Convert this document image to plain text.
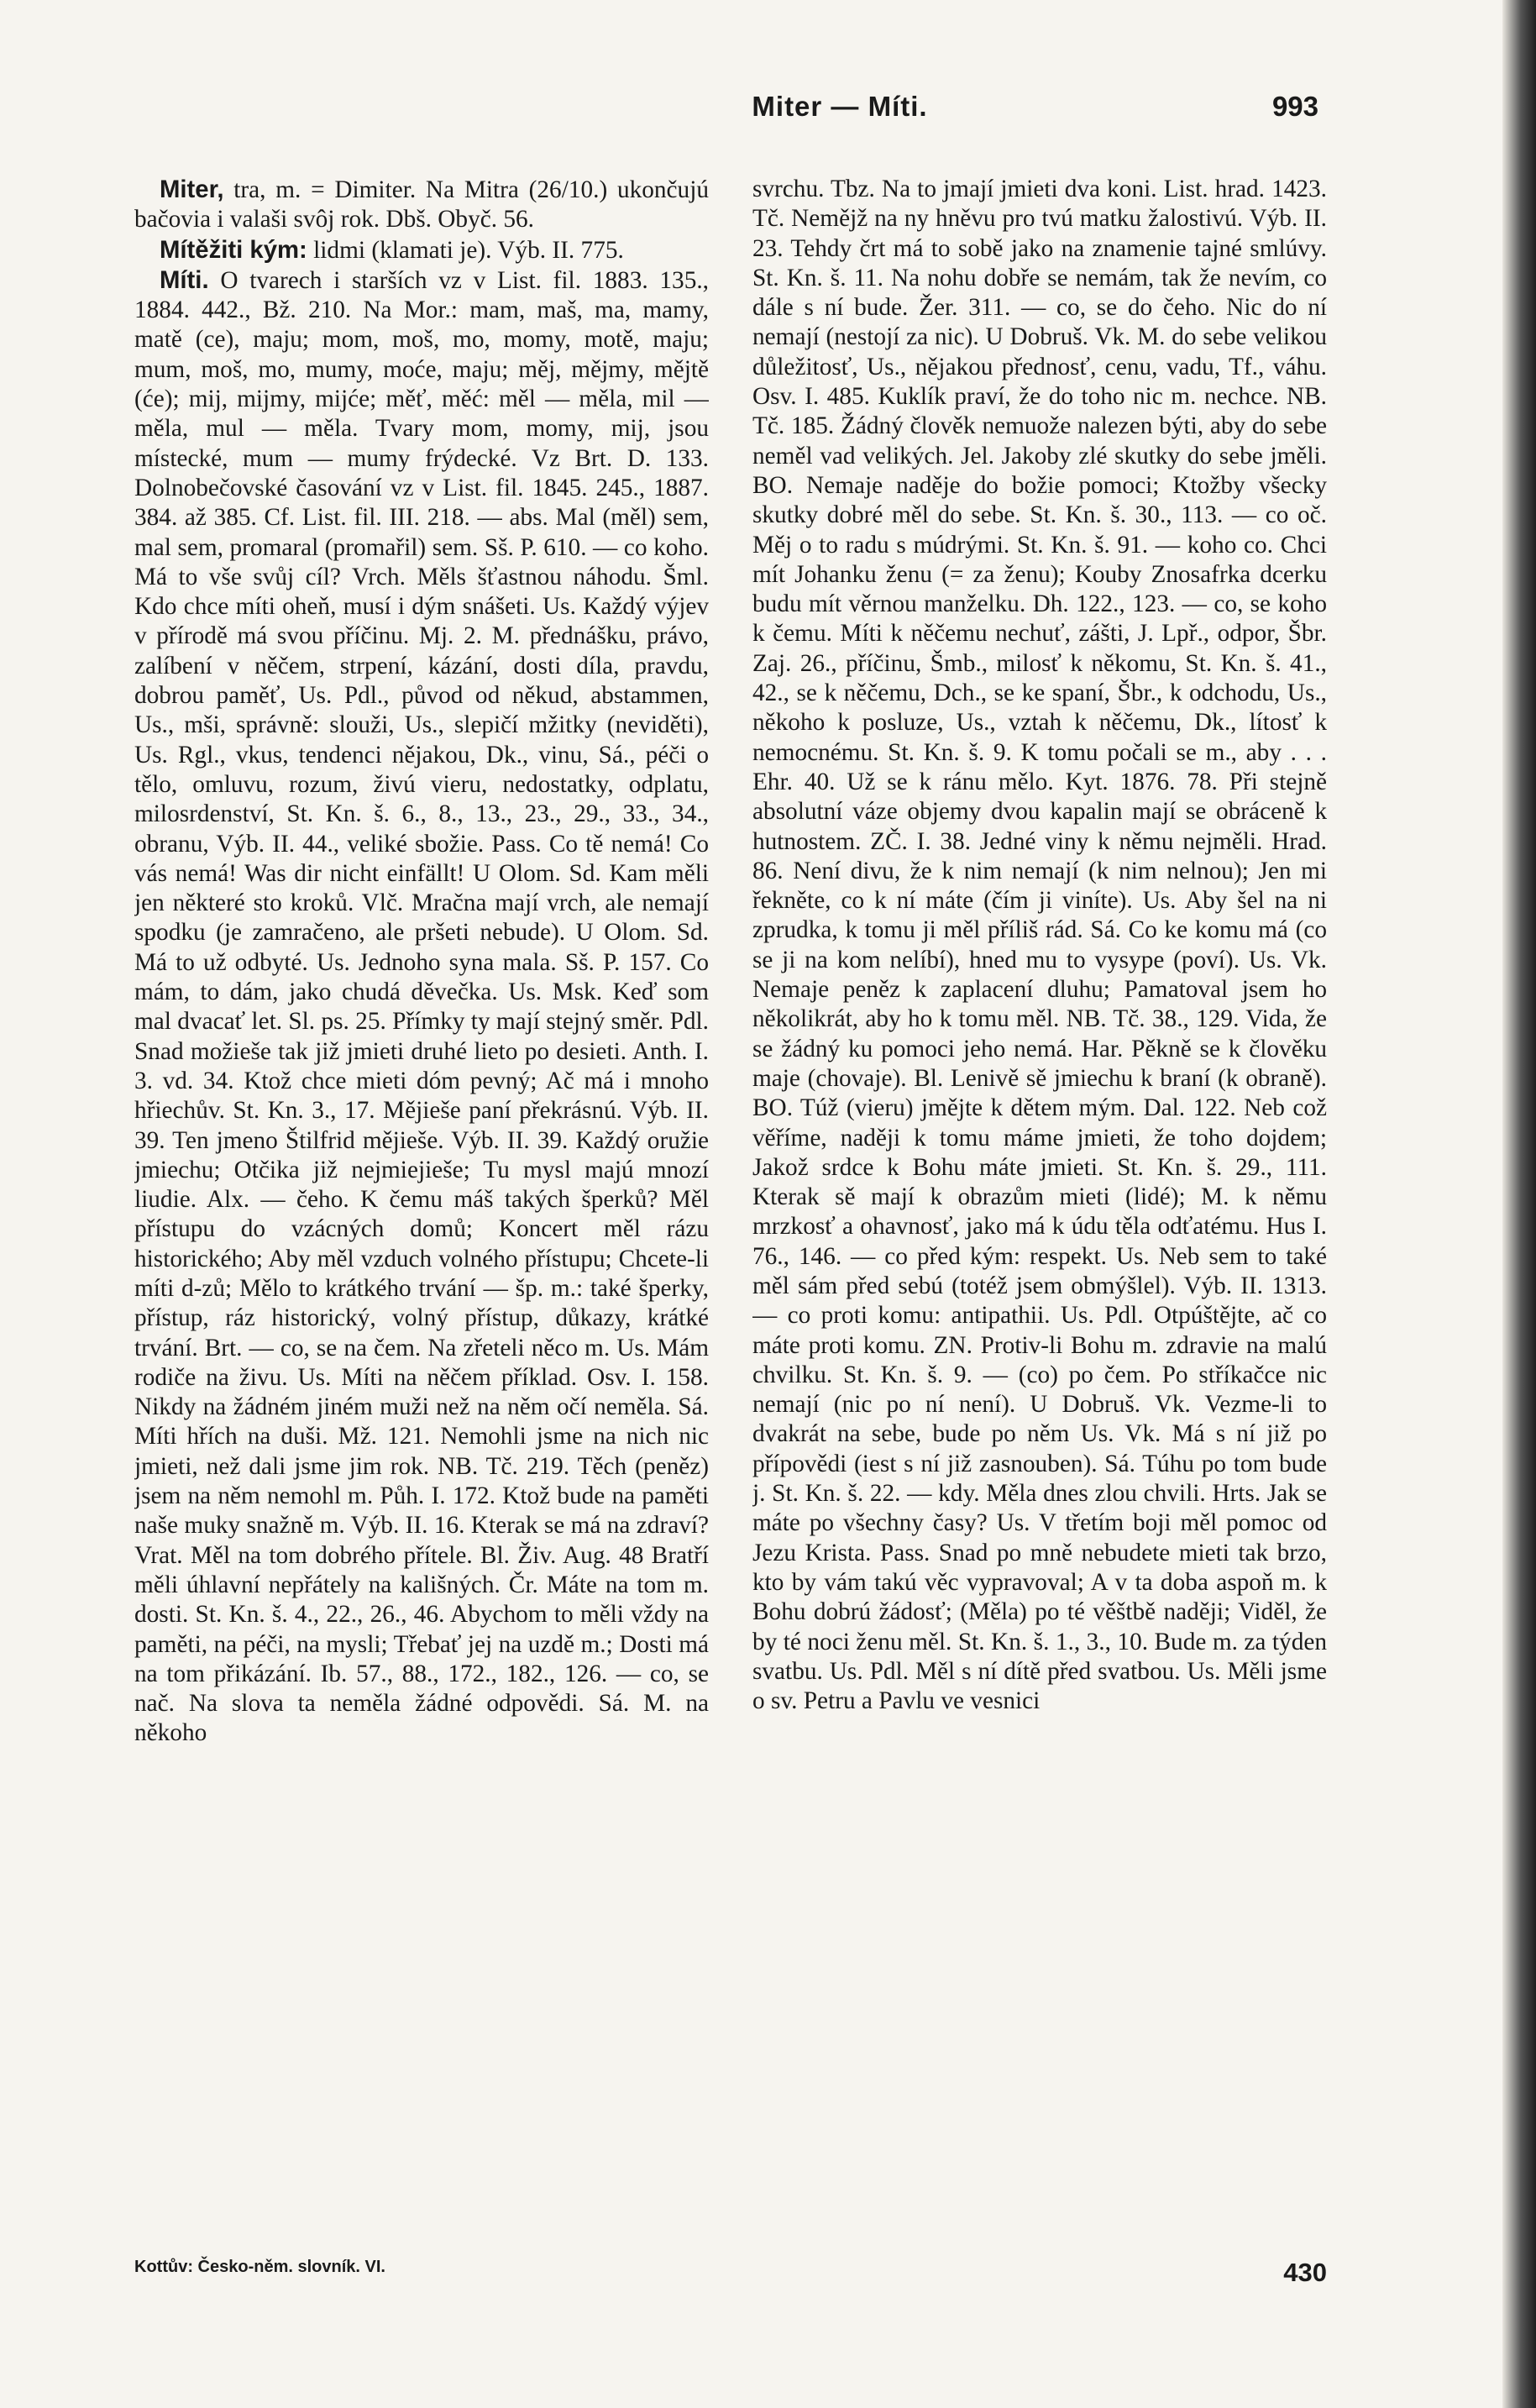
Miter — Míti.	993

Miter, tra, m. = Dimiter. Na Mitra (26/10.) ukončujú bačovia i valaši svôj rok. Dbš. Obyč. 56.

Mítěžiti kým: lidmi (klamati je). Výb. II. 775.

Míti. O tvarech i starších vz v List. fil. 1883. 135., 1884. 442., Bž. 210. Na Mor.: mam, maš, ma, mamy, matě (ce), maju; mom, moš, mo, momy, motě, maju; mum, moš, mo, mumy, moće, maju; měj, mějmy, mějtě (će); mij, mijmy, mijće; měť, měć: měl — měla, mil — měla, mul — měla. Tvary mom, momy, mij, jsou místecké, mum — mumy frýdecké. Vz Brt. D. 133. Dolnobečovské časování vz v List. fil. 1845. 245., 1887. 384. až 385. Cf. List. fil. III. 218. — abs. Mal (měl) sem, mal sem, promaral (promařil) sem. Sš. P. 610. — co koho. Má to vše svůj cíl? Vrch. Měls šťastnou náhodu. Šml. Kdo chce míti oheň, musí i dým snášeti. Us. Každý výjev v přírodě má svou příčinu. Mj. 2. M. přednášku, právo, zalíbení v něčem, strpení, kázání, dosti díla, pravdu, dobrou paměť, Us. Pdl., původ od někud, abstammen, Us., mši, správně: slouži, Us., slepičí mžitky (neviděti), Us. Rgl., vkus, tendenci nějakou, Dk., vinu, Sá., péči o tělo, omluvu, rozum, živú vieru, nedostatky, odplatu, milosrdenství, St. Kn. š. 6., 8., 13., 23., 29., 33., 34., obranu, Výb. II. 44., veliké sbožie. Pass. Co tě nemá! Co vás nemá! Was dir nicht einfällt! U Olom. Sd. Kam měli jen některé sto kroků. Vlč. Mračna mají vrch, ale nemají spodku (je zamračeno, ale pršeti nebude). U Olom. Sd. Má to už odbyté. Us. Jednoho syna mala. Sš. P. 157. Co mám, to dám, jako chudá děvečka. Us. Msk. Keď som mal dvacať let. Sl. ps. 25. Přímky ty mají stejný směr. Pdl. Snad možieše tak již jmieti druhé lieto po desieti. Anth. I. 3. vd. 34. Ktož chce mieti dóm pevný; Ač má i mnoho hřiechův. St. Kn. 3., 17. Mějieše paní překrásnú. Výb. II. 39. Ten jmeno Štilfrid mějieše. Výb. II. 39. Každý oružie jmiechu; Otčika již nejmiejieše; Tu mysl majú mnozí liudie. Alx. — čeho. K čemu máš takých šperků? Měl přístupu do vzácných domů; Koncert měl rázu historického; Aby měl vzduch volného přístupu; Chcete-li míti d-zů; Mělo to krátkého trvání — šp. m.: také šperky, přístup, ráz historický, volný přístup, důkazy, krátké trvání. Brt. — co, se na čem. Na zřeteli něco m. Us. Mám rodiče na živu. Us. Míti na něčem příklad. Osv. I. 158. Nikdy na žádném jiném muži než na něm očí neměla. Sá. Míti hřích na duši. Mž. 121. Nemohli jsme na nich nic jmieti, než dali jsme jim rok. NB. Tč. 219. Těch (peněz) jsem na něm nemohl m. Půh. I. 172. Ktož bude na paměti naše muky snažně m. Výb. II. 16. Kterak se má na zdraví? Vrat. Měl na tom dobrého přítele. Bl. Živ. Aug. 48 Bratří měli úhlavní nepřátely na kališných. Čr. Máte na tom m. dosti. St. Kn. š. 4., 22., 26., 46. Abychom to měli vždy na paměti, na péči, na mysli; Třebať jej na uzdě m.; Dosti má na tom přikázání. Ib. 57., 88., 172., 182., 126. — co, se nač. Na slova ta neměla žádné odpovědi. Sá. M. na někoho

svrchu. Tbz. Na to jmají jmieti dva koni. List. hrad. 1423. Tč. Nemějž na ny hněvu pro tvú matku žalostivú. Výb. II. 23. Tehdy črt má to sobě jako na znamenie tajné smlúvy. St. Kn. š. 11. Na nohu dobře se nemám, tak že nevím, co dále s ní bude. Žer. 311. — co, se do čeho. Nic do ní nemají (nestojí za nic). U Dobruš. Vk. M. do sebe velikou důležitosť, Us., nějakou přednosť, cenu, vadu, Tf., váhu. Osv. I. 485. Kuklík praví, že do toho nic m. nechce. NB. Tč. 185. Žádný člověk nemuože nalezen býti, aby do sebe neměl vad velikých. Jel. Jakoby zlé skutky do sebe jměli. BO. Nemaje naděje do božie pomoci; Ktožby všecky skutky dobré měl do sebe. St. Kn. š. 30., 113. — co oč. Měj o to radu s múdrými. St. Kn. š. 91. — koho co. Chci mít Johanku ženu (= za ženu); Kouby Znosafrka dcerku budu mít věrnou manželku. Dh. 122., 123. — co, se koho k čemu. Míti k něčemu nechuť, zášti, J. Lpř., odpor, Šbr. Zaj. 26., příčinu, Šmb., milosť k někomu, St. Kn. š. 41., 42., se k něčemu, Dch., se ke spaní, Šbr., k odchodu, Us., někoho k posluze, Us., vztah k něčemu, Dk., lítosť k nemocnému. St. Kn. š. 9. K tomu počali se m., aby . . . Ehr. 40. Už se k ránu mělo. Kyt. 1876. 78. Při stejně absolutní váze objemy dvou kapalin mají se obráceně k hutnostem. ZČ. I. 38. Jedné viny k němu nejměli. Hrad. 86. Není divu, že k nim nemají (k nim nelnou); Jen mi řekněte, co k ní máte (čím ji viníte). Us. Aby šel na ni zprudka, k tomu ji měl příliš rád. Sá. Co ke komu má (co se ji na kom nelíbí), hned mu to vysype (poví). Us. Vk. Nemaje peněz k zaplacení dluhu; Pamatoval jsem ho několikrát, aby ho k tomu měl. NB. Tč. 38., 129. Vida, že se žádný ku pomoci jeho nemá. Har. Pěkně se k člověku maje (chovaje). Bl. Lenivě sě jmiechu k braní (k obraně). BO. Túž (vieru) jmějte k dětem mým. Dal. 122. Neb což věříme, naději k tomu máme jmieti, že toho dojdem; Jakož srdce k Bohu máte jmieti. St. Kn. š. 29., 111. Kterak sě mají k obrazům mieti (lidé); M. k němu mrzkosť a ohavnosť, jako má k údu těla odťatému. Hus I. 76., 146. — co před kým: respekt. Us. Neb sem to také měl sám před sebú (totéž jsem obmýšlel). Výb. II. 1313. — co proti komu: antipathii. Us. Pdl. Otpúštějte, ač co máte proti komu. ZN. Protiv-li Bohu m. zdravie na malú chvilku. St. Kn. š. 9. — (co) po čem. Po stříkačce nic nemají (nic po ní není). U Dobruš. Vk. Vezme-li to dvakrát na sebe, bude po něm Us. Vk. Má s ní již po přípovědi (iest s ní již zasnouben). Sá. Túhu po tom bude j. St. Kn. š. 22. — kdy. Měla dnes zlou chvili. Hrts. Jak se máte po všechny časy? Us. V třetím boji měl pomoc od Jezu Krista. Pass. Snad po mně nebudete mieti tak brzo, kto by vám takú věc vypravoval; A v ta doba aspoň m. k Bohu dobrú žádosť; (Měla) po té věštbě naději; Viděl, že by té noci ženu měl. St. Kn. š. 1., 3., 10. Bude m. za týden svatbu. Us. Pdl. Měl s ní dítě před svatbou. Us. Měli jsme o sv. Petru a Pavlu ve vesnici

Kottův: Česko-něm. slovník. VI.	430
